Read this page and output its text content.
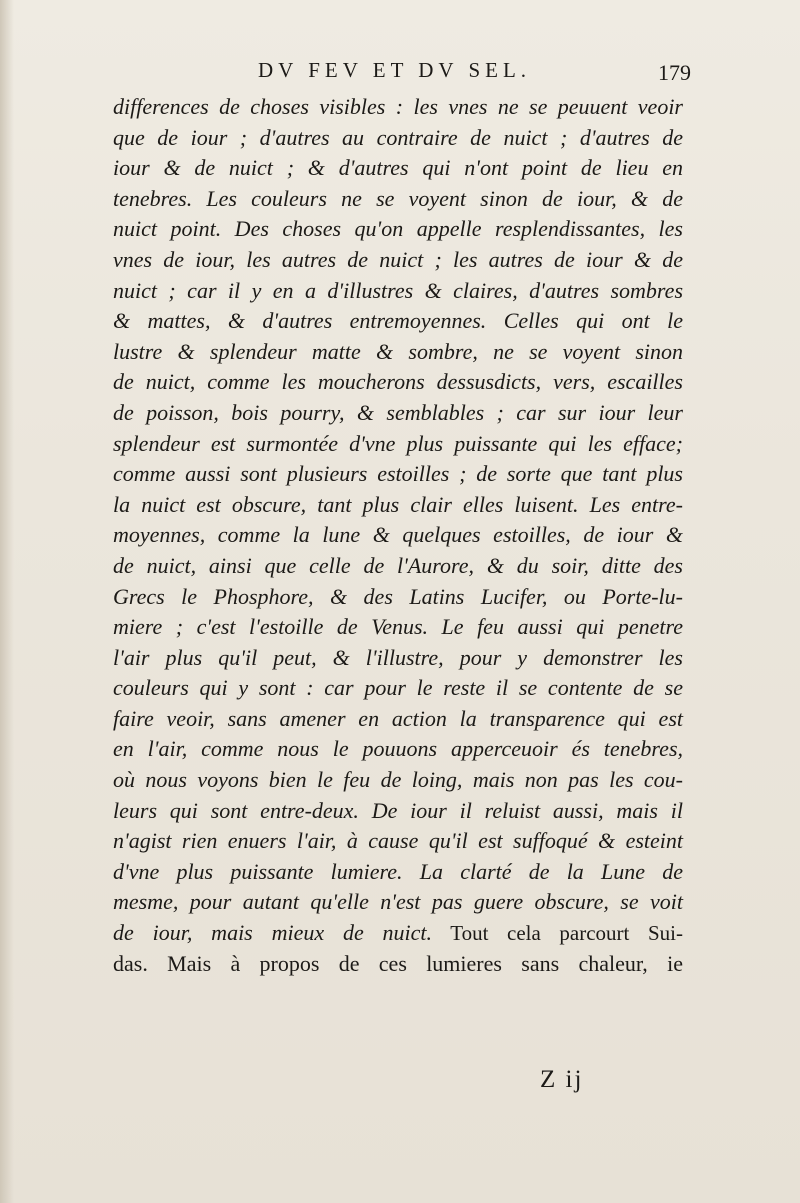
DV FEV ET DV SEL.	179
differences de choses visibles : les vnes ne se peuuent veoir
que de iour ; d'autres au contraire de nuict ; d'autres de
iour & de nuict ; & d'autres qui n'ont point de lieu en
tenebres. Les couleurs ne se voyent sinon de iour, & de
nuict point. Des choses qu'on appelle resplendissantes, les
vnes de iour, les autres de nuict ; les autres de iour & de
nuict ; car il y en a d'illustres & claires, d'autres sombres
& mattes, & d'autres entremoyennes. Celles qui ont le
lustre & splendeur matte & sombre, ne se voyent sinon
de nuict, comme les moucherons dessusdicts, vers, escailles
de poisson, bois pourry, & semblables ; car sur iour leur
splendeur est surmontée d'vne plus puissante qui les efface;
comme aussi sont plusieurs estoilles ; de sorte que tant plus
la nuict est obscure, tant plus clair elles luisent. Les entre-
moyennes, comme la lune & quelques estoilles, de iour &
de nuict, ainsi que celle de l'Aurore, & du soir, ditte des
Grecs le Phosphore, & des Latins Lucifer, ou Porte-lu-
miere ; c'est l'estoille de Venus. Le feu aussi qui penetre
l'air plus qu'il peut, & l'illustre, pour y demonstrer les
couleurs qui y sont : car pour le reste il se contente de se
faire veoir, sans amener en action la transparence qui est
en l'air, comme nous le pouuons apperceuoir és tenebres,
où nous voyons bien le feu de loing, mais non pas les cou-
leurs qui sont entre-deux. De iour il reluist aussi, mais il
n'agist rien enuers l'air, à cause qu'il est suffoqué & esteint
d'vne plus puissante lumiere. La clarté de la Lune de
mesme, pour autant qu'elle n'est pas guere obscure, se voit
de iour, mais mieux de nuict. Tout cela parcourt Sui-
das. Mais à propos de ces lumieres sans chaleur, ie
Z ij
